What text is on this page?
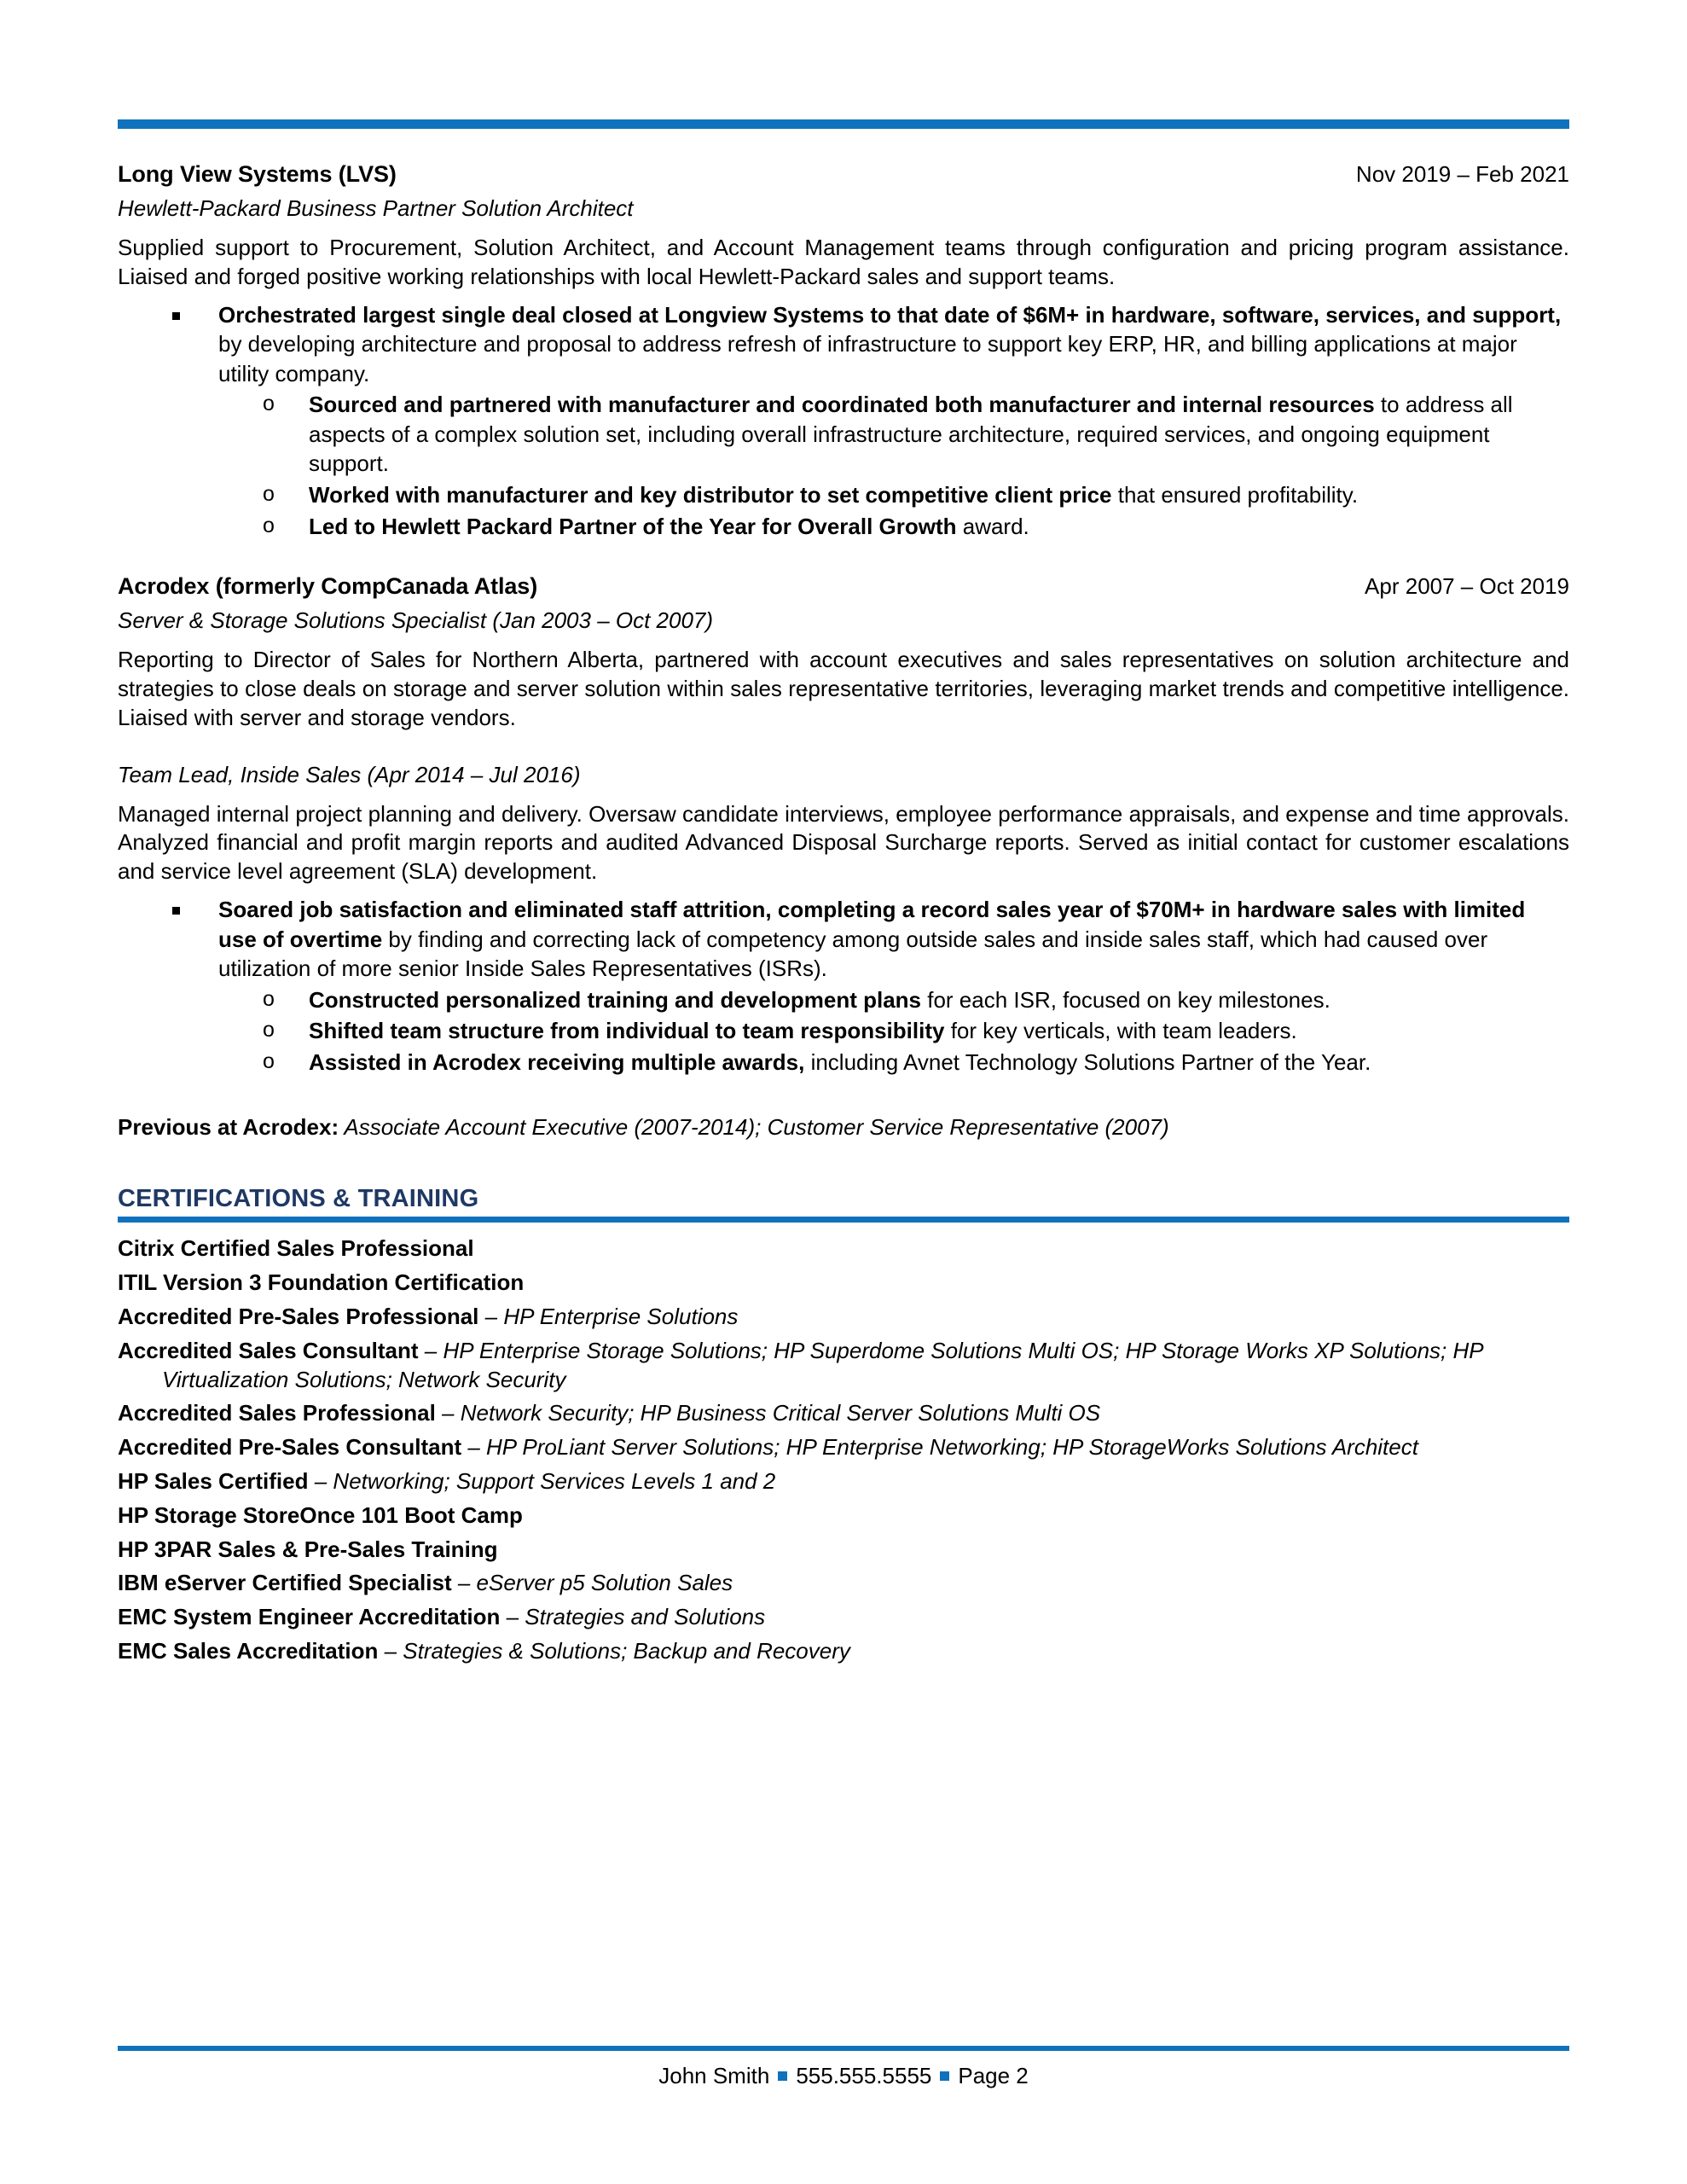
Long View Systems (LVS)	Nov 2019 – Feb 2021
Hewlett-Packard Business Partner Solution Architect
Supplied support to Procurement, Solution Architect, and Account Management teams through configuration and pricing program assistance. Liaised and forged positive working relationships with local Hewlett-Packard sales and support teams.
Orchestrated largest single deal closed at Longview Systems to that date of $6M+ in hardware, software, services, and support, by developing architecture and proposal to address refresh of infrastructure to support key ERP, HR, and billing applications at major utility company.
o Sourced and partnered with manufacturer and coordinated both manufacturer and internal resources to address all aspects of a complex solution set, including overall infrastructure architecture, required services, and ongoing equipment support.
o Worked with manufacturer and key distributor to set competitive client price that ensured profitability.
o Led to Hewlett Packard Partner of the Year for Overall Growth award.
Acrodex (formerly CompCanada Atlas)	Apr 2007 – Oct 2019
Server & Storage Solutions Specialist (Jan 2003 – Oct 2007)
Reporting to Director of Sales for Northern Alberta, partnered with account executives and sales representatives on solution architecture and strategies to close deals on storage and server solution within sales representative territories, leveraging market trends and competitive intelligence. Liaised with server and storage vendors.
Team Lead, Inside Sales (Apr 2014 – Jul 2016)
Managed internal project planning and delivery. Oversaw candidate interviews, employee performance appraisals, and expense and time approvals. Analyzed financial and profit margin reports and audited Advanced Disposal Surcharge reports. Served as initial contact for customer escalations and service level agreement (SLA) development.
Soared job satisfaction and eliminated staff attrition, completing a record sales year of $70M+ in hardware sales with limited use of overtime by finding and correcting lack of competency among outside sales and inside sales staff, which had caused over utilization of more senior Inside Sales Representatives (ISRs).
o Constructed personalized training and development plans for each ISR, focused on key milestones.
o Shifted team structure from individual to team responsibility for key verticals, with team leaders.
o Assisted in Acrodex receiving multiple awards, including Avnet Technology Solutions Partner of the Year.
Previous at Acrodex: Associate Account Executive (2007-2014); Customer Service Representative (2007)
CERTIFICATIONS & TRAINING
Citrix Certified Sales Professional
ITIL Version 3 Foundation Certification
Accredited Pre-Sales Professional – HP Enterprise Solutions
Accredited Sales Consultant – HP Enterprise Storage Solutions; HP Superdome Solutions Multi OS; HP Storage Works XP Solutions; HP Virtualization Solutions; Network Security
Accredited Sales Professional – Network Security; HP Business Critical Server Solutions Multi OS
Accredited Pre-Sales Consultant – HP ProLiant Server Solutions; HP Enterprise Networking; HP StorageWorks Solutions Architect
HP Sales Certified – Networking; Support Services Levels 1 and 2
HP Storage StoreOnce 101 Boot Camp
HP 3PAR Sales & Pre-Sales Training
IBM eServer Certified Specialist – eServer p5 Solution Sales
EMC System Engineer Accreditation – Strategies and Solutions
EMC Sales Accreditation – Strategies & Solutions; Backup and Recovery
John Smith 555.555.5555 Page 2
